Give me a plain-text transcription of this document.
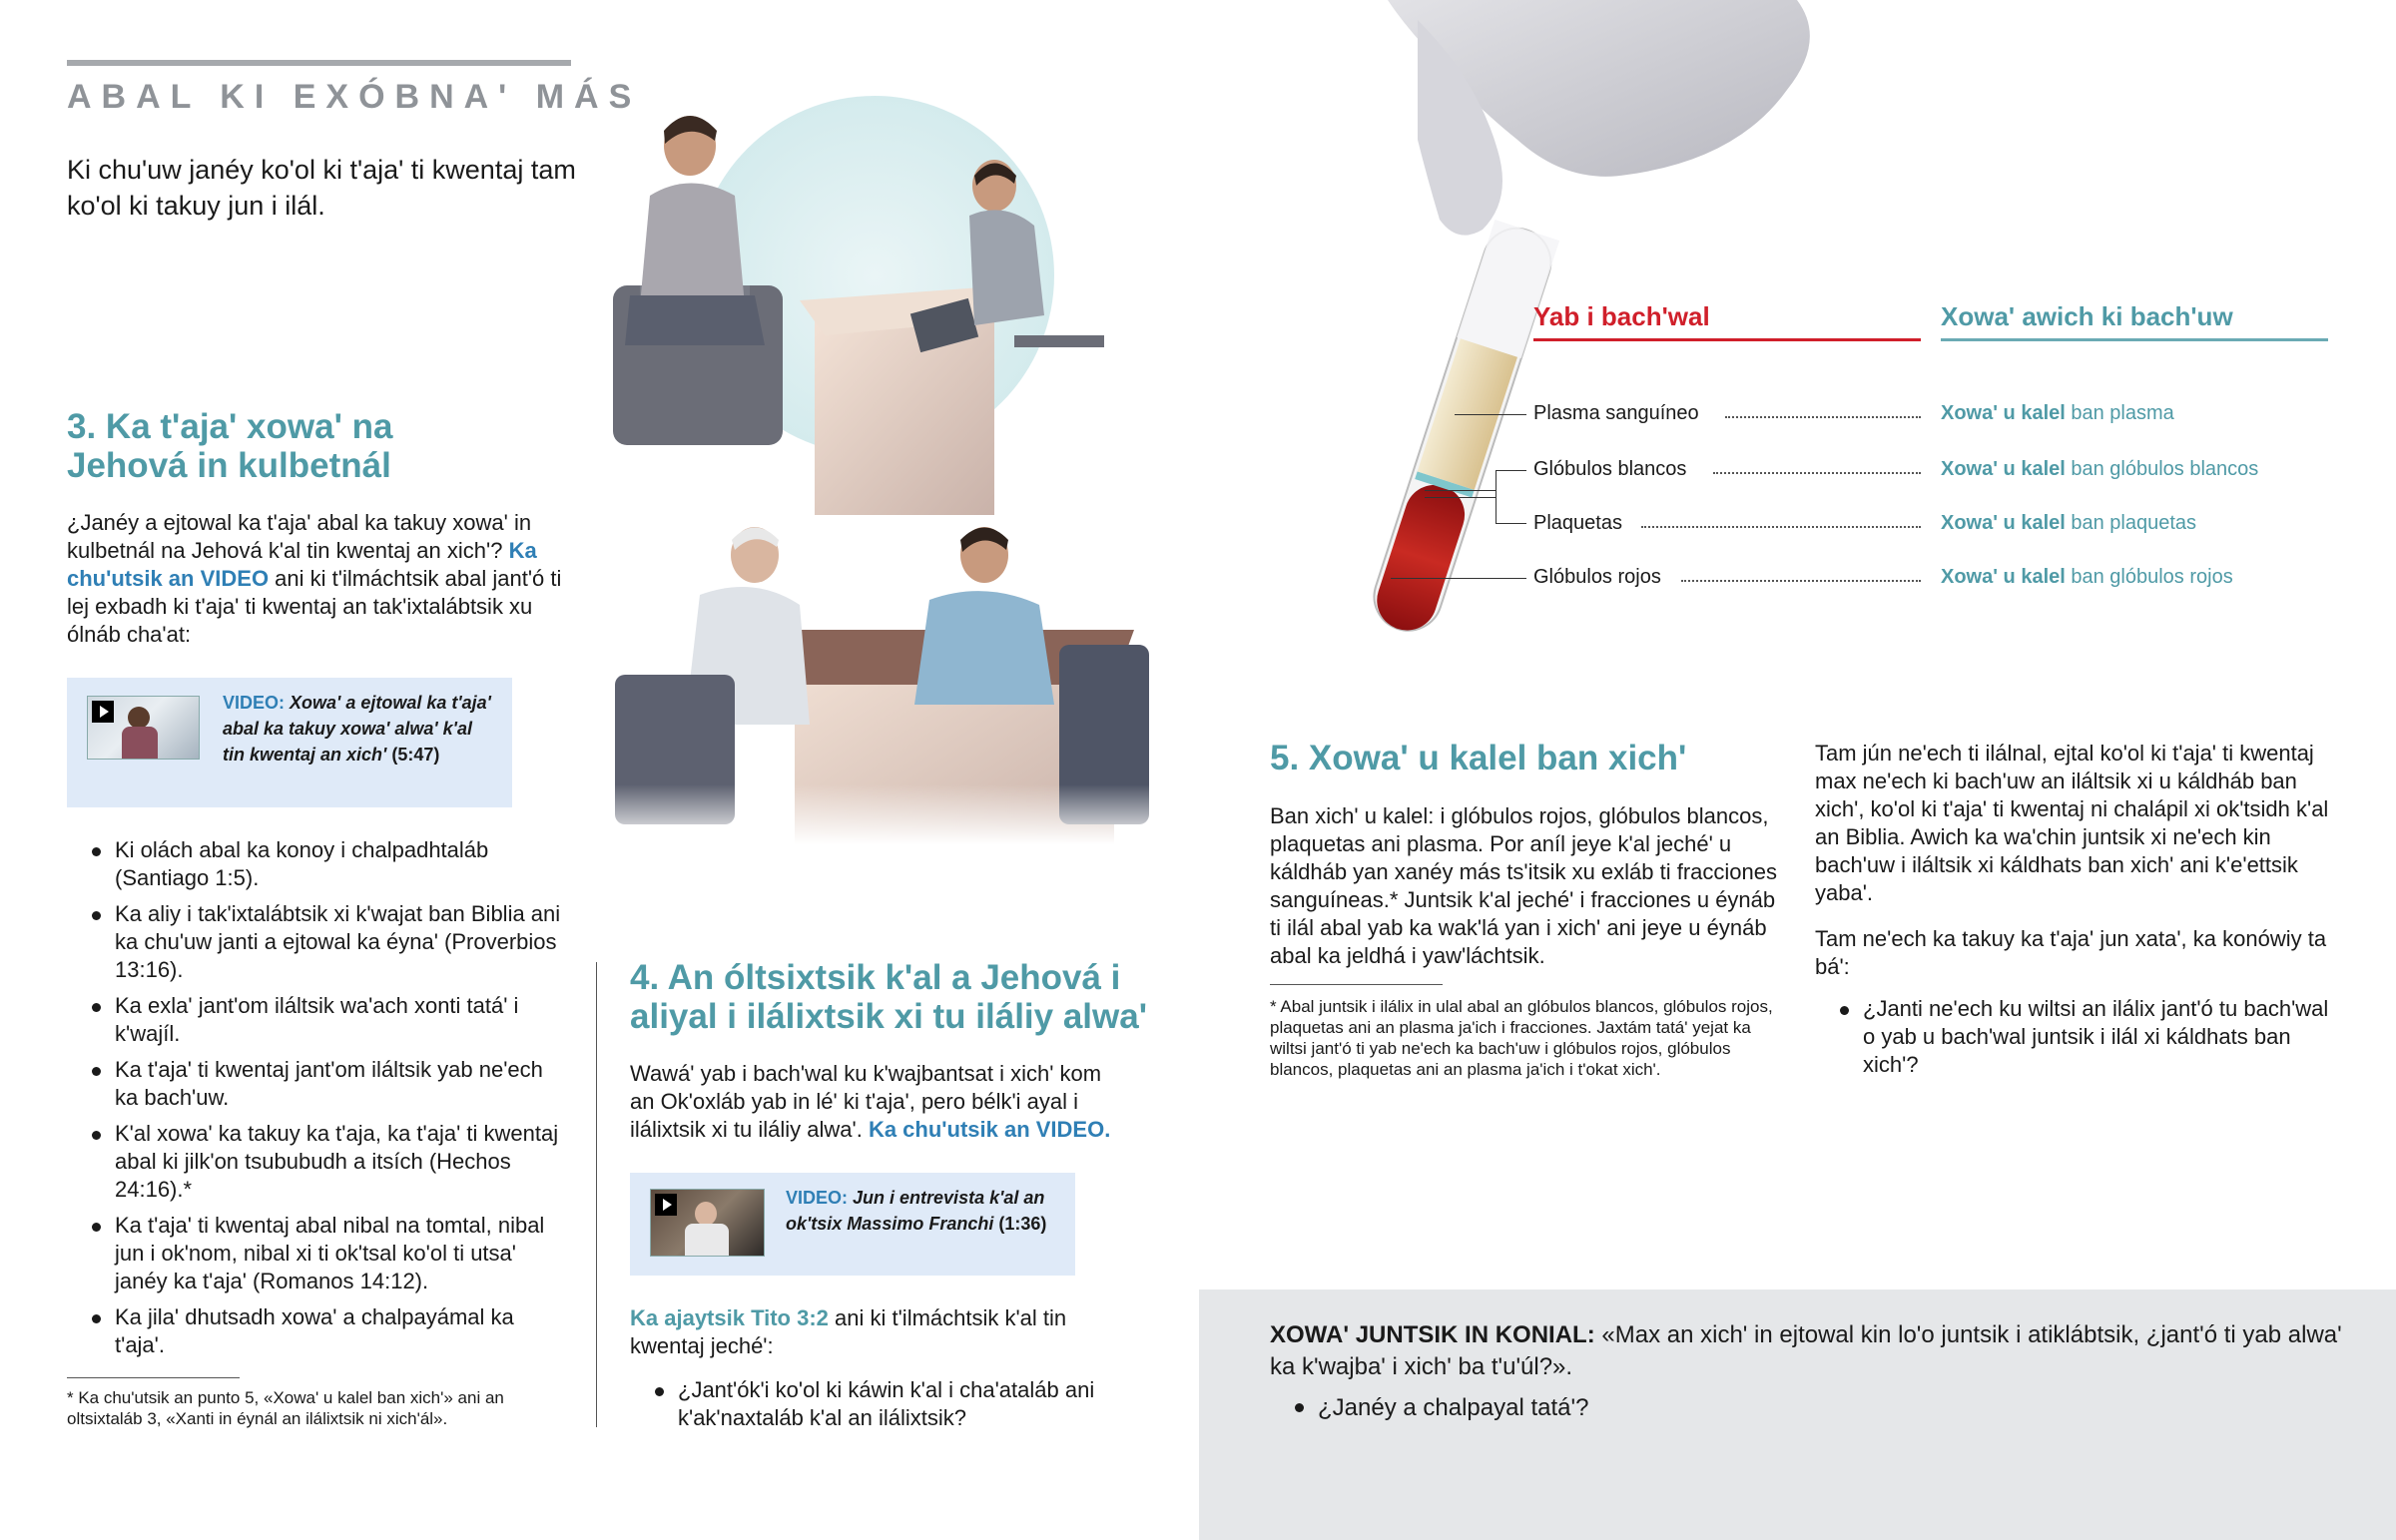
ABAL KI EXÓBNA' MÁS
Ki chu'uw janéy ko'ol ki t'aja' ti kwentaj tam ko'ol ki takuy jun i ilál.
3. Ka t'aja' xowa' na Jehová in kulbetnál
¿Janéy a ejtowal ka t'aja' abal ka takuy xowa' in kulbetnál na Jehová k'al tin kwentaj an xich'? Ka chu'utsik an VIDEO ani ki t'ilmáchtsik abal jant'ó ti lej exbadh ki t'aja' ti kwentaj an tak'ixtalábtsik xu ólnáb cha'at:
VIDEO: Xowa' a ejtowal ka t'aja' abal ka takuy xowa' alwa' k'al tin kwentaj an xich' (5:47)
Ki olách abal ka konoy i chalpadhtaláb (Santiago 1:5).
Ka aliy i tak'ixtalábtsik xi k'wajat ban Biblia ani ka chu'uw janti a ejtowal ka éyna' (Proverbios 13:16).
Ka exla' jant'om iláltsik wa'ach xonti tatá' i k'wajíl.
Ka t'aja' ti kwentaj jant'om iláltsik yab ne'ech ka bach'uw.
K'al xowa' ka takuy ka t'aja, ka t'aja' ti kwentaj abal ki jilk'on tsububudh a itsích (Hechos 24:16).*
Ka t'aja' ti kwentaj abal nibal na tomtal, nibal jun i ok'nom, nibal xi ti ok'tsal ko'ol ti utsa' janéy ka t'aja' (Romanos 14:12).
Ka jila' dhutsadh xowa' a chalpayámal ka t'aja'.
* Ka chu'utsik an punto 5, «Xowa' u kalel ban xich'» ani an oltsixtaláb 3, «Xanti in éynál an ilálixtsik ni xich'ál».
4. An óltsixtsik k'al a Jehová i aliyal i ilálixtsik xi tu iláliy alwa'
Wawá' yab i bach'wal ku k'wajbantsat i xich' kom an Ok'oxláb yab in lé' ki t'aja', pero bélk'i ayal i ilálixtsik xi tu iláliy alwa'. Ka chu'utsik an VIDEO.
VIDEO: Jun i entrevista k'al an ok'tsix Massimo Franchi (1:36)
Ka ajaytsik Tito 3:2 ani ki t'ilmáchtsik k'al tin kwentaj jeché':
¿Jant'ók'i ko'ol ki káwin k'al i cha'ataláb ani k'ak'naxtaláb k'al an ilálixtsik?
Yab i bach'wal	Xowa' awich ki bach'uw
Plasma sanguíneo	Xowa' u kalel ban plasma
Glóbulos blancos	Xowa' u kalel ban glóbulos blancos
Plaquetas	Xowa' u kalel ban plaquetas
Glóbulos rojos	Xowa' u kalel ban glóbulos rojos
5. Xowa' u kalel ban xich'
Ban xich' u kalel: i glóbulos rojos, glóbulos blancos, plaquetas ani plasma. Por aníl jeye k'al jeché' u káldháb yan xanéy más ts'itsik xu exláb ti fracciones sanguíneas.* Juntsik k'al jeché' i fracciones u éynáb ti ilál abal yab ka wak'lá yan i xich' ani jeye u éynáb abal ka jeldhá i yaw'láchtsik.
* Abal juntsik i ilálix in ulal abal an glóbulos blancos, glóbulos rojos, plaquetas ani an plasma ja'ich i fracciones. Jaxtám tatá' yejat ka wiltsi jant'ó ti yab ne'ech ka bach'uw i glóbulos rojos, glóbulos blancos, plaquetas ani an plasma ja'ich i t'okat xich'.
Tam jún ne'ech ti ilálnal, ejtal ko'ol ki t'aja' ti kwentaj max ne'ech ki bach'uw an iláltsik xi u káldháb ban xich', ko'ol ki t'aja' ti kwentaj ni chalápil xi ok'tsidh k'al an Biblia. Awich ka wa'chin juntsik xi ne'ech kin bach'uw i iláltsik xi káldhats ban xich' ani k'e'ettsik yaba'.
Tam ne'ech ka takuy ka t'aja' jun xata', ka konówiy ta bá':
¿Janti ne'ech ku wiltsi an ilálix jant'ó tu bach'wal o yab u bach'wal juntsik i ilál xi káldhats ban xich'?
XOWA' JUNTSIK IN KONIAL: «Max an xich' in ejtowal kin lo'o juntsik i atiklábtsik, ¿jant'ó ti yab alwa' ka k'wajba' i xich' ba t'u'úl?».
¿Janéy a chalpayal tatá'?
